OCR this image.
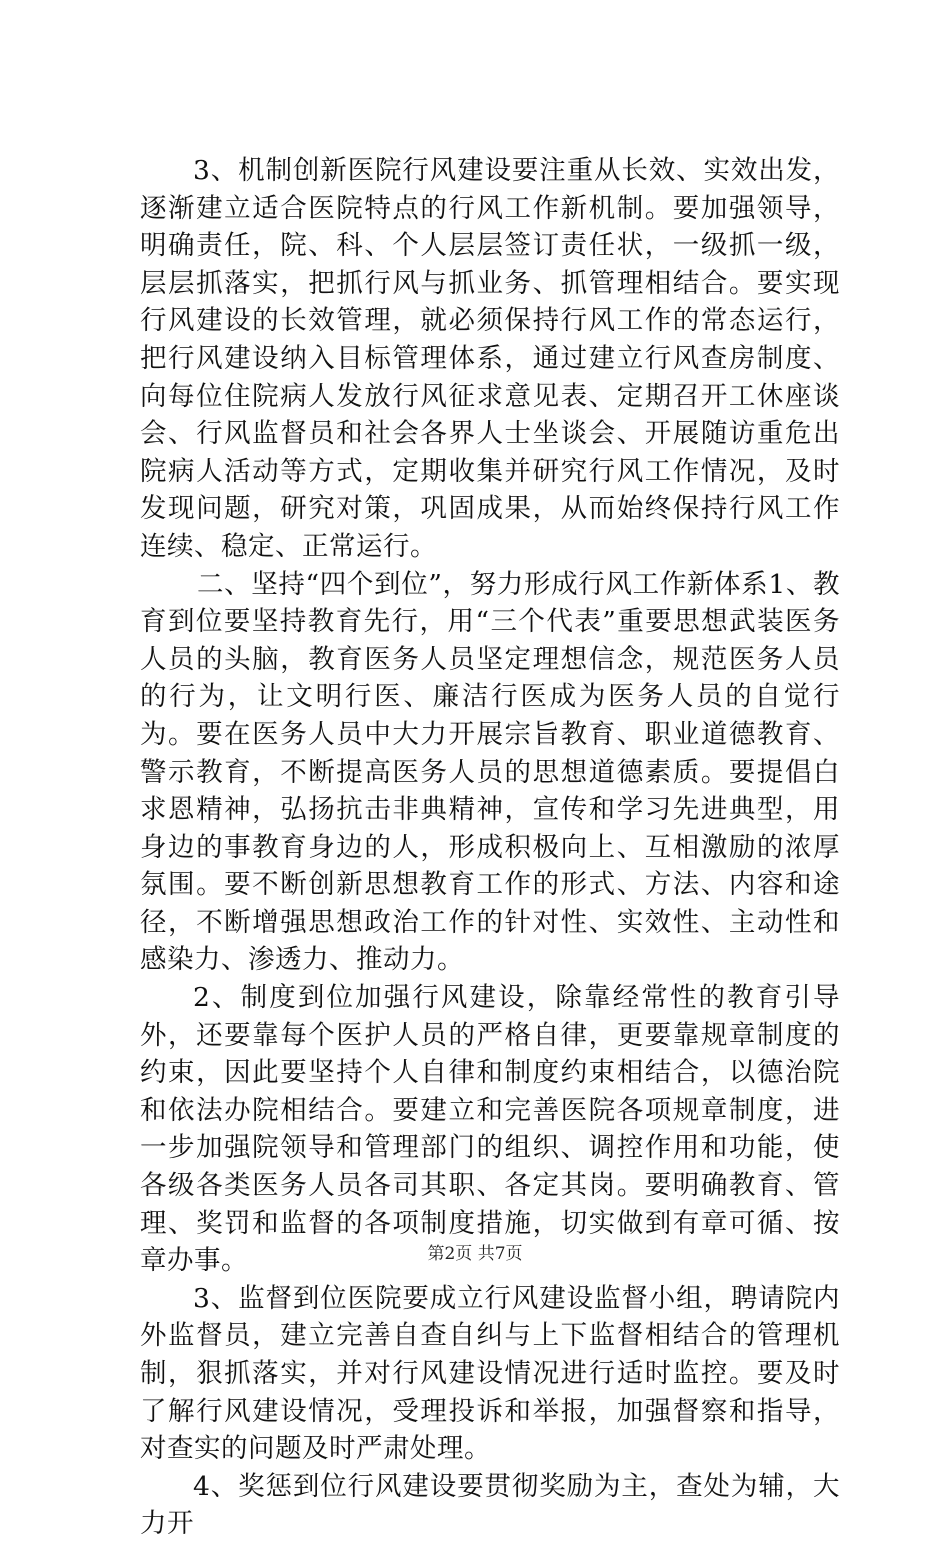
3、机制创新医院行风建设要注重从长效、实效出发，逐渐建立适合医院特点的行风工作新机制。要加强领导，明确责任，院、科、个人层层签订责任状，一级抓一级，层层抓落实，把抓行风与抓业务、抓管理相结合。要实现行风建设的长效管理，就必须保持行风工作的常态运行，把行风建设纳入目标管理体系，通过建立行风查房制度、向每位住院病人发放行风征求意见表、定期召开工休座谈会、行风监督员和社会各界人士坐谈会、开展随访重危出院病人活动等方式，定期收集并研究行风工作情况，及时发现问题，研究对策，巩固成果，从而始终保持行风工作连续、稳定、正常运行。

二、坚持“四个到位”，努力形成行风工作新体系1、教育到位要坚持教育先行，用“三个代表”重要思想武装医务人员的头脑，教育医务人员坚定理想信念，规范医务人员的行为，让文明行医、廉洁行医成为医务人员的自觉行为。要在医务人员中大力开展宗旨教育、职业道德教育、警示教育，不断提高医务人员的思想道德素质。要提倡白求恩精神，弘扬抗击非典精神，宣传和学习先进典型，用身边的事教育身边的人，形成积极向上、互相激励的浓厚氛围。要不断创新思想教育工作的形式、方法、内容和途径，不断增强思想政治工作的针对性、实效性、主动性和感染力、渗透力、推动力。

2、制度到位加强行风建设，除靠经常性的教育引导外，还要靠每个医护人员的严格自律，更要靠规章制度的约束，因此要坚持个人自律和制度约束相结合，以德治院和依法办院相结合。要建立和完善医院各项规章制度，进一步加强院领导和管理部门的组织、调控作用和功能，使各级各类医务人员各司其职、各定其岗。要明确教育、管理、奖罚和监督的各项制度措施，切实做到有章可循、按章办事。

3、监督到位医院要成立行风建设监督小组，聘请院内外监督员，建立完善自查自纠与上下监督相结合的管理机制，狠抓落实，并对行风建设情况进行适时监控。要及时了解行风建设情况，受理投诉和举报，加强督察和指导，对查实的问题及时严肃处理。

4、奖惩到位行风建设要贯彻奖励为主，查处为辅，大力开

第2页 共7页
